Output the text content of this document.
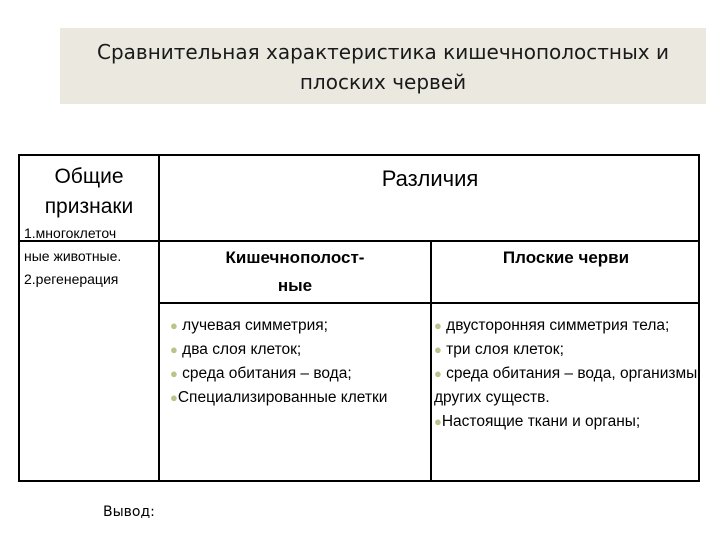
Сравнительная характеристика кишечнополостных и
плоских червей
Общие
признаки
Различия
1.многоклеточ
ные животные.
2.регенерация
Кишечнополост-
ные
Плоские черви
● лучевая симметрия;
● два слоя клеток;
● среда обитания – вода;
●Специализированные клетки
● двусторонняя симметрия тела;
● три слоя клеток;
● среда обитания – вода, организмы других существ.
●Настоящие ткани и органы;
Вывод:
